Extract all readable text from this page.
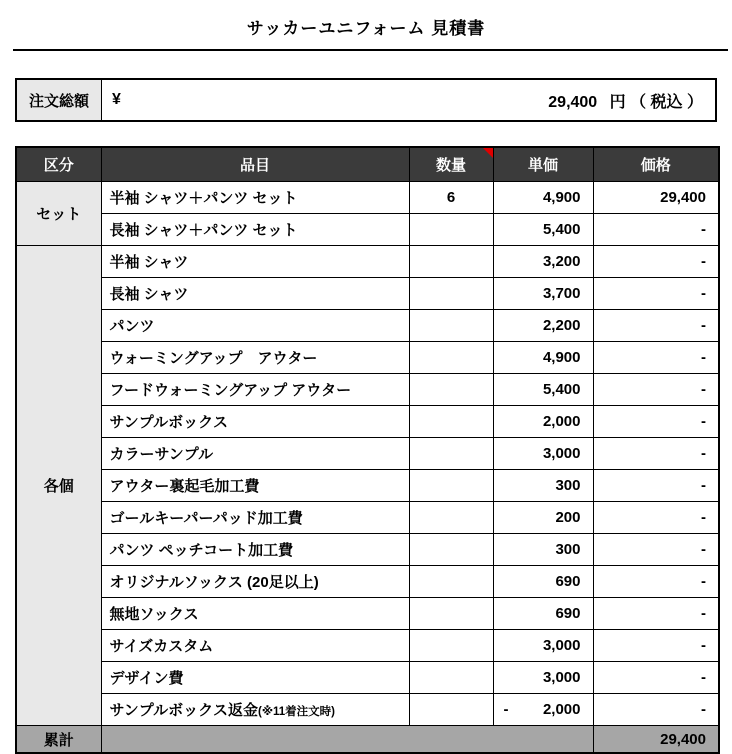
サッカーユニフォーム 見積書
注文総額	¥	29,400 円 （ 税込 ）
区分	品目	数量	単価	価格
セット	半袖 シャツ＋パンツ セット	6	4,900	29,400
	長袖 シャツ＋パンツ セット		5,400	-
各個	半袖 シャツ		3,200	-
	長袖 シャツ		3,700	-
	パンツ		2,200	-
	ウォーミングアップ　アウター		4,900	-
	フードウォーミングアップ アウター		5,400	-
	サンプルボックス		2,000	-
	カラーサンプル		3,000	-
	アウター裏起毛加工費		300	-
	ゴールキーパーパッド加工費		200	-
	パンツ ペッチコート加工費		300	-
	オリジナルソックス (20足以上)		690	-
	無地ソックス		690	-
	サイズカスタム		3,000	-
	デザイン費		3,000	-
	サンプルボックス返金(※11着注文時)		- 2,000	-
累計				29,400
